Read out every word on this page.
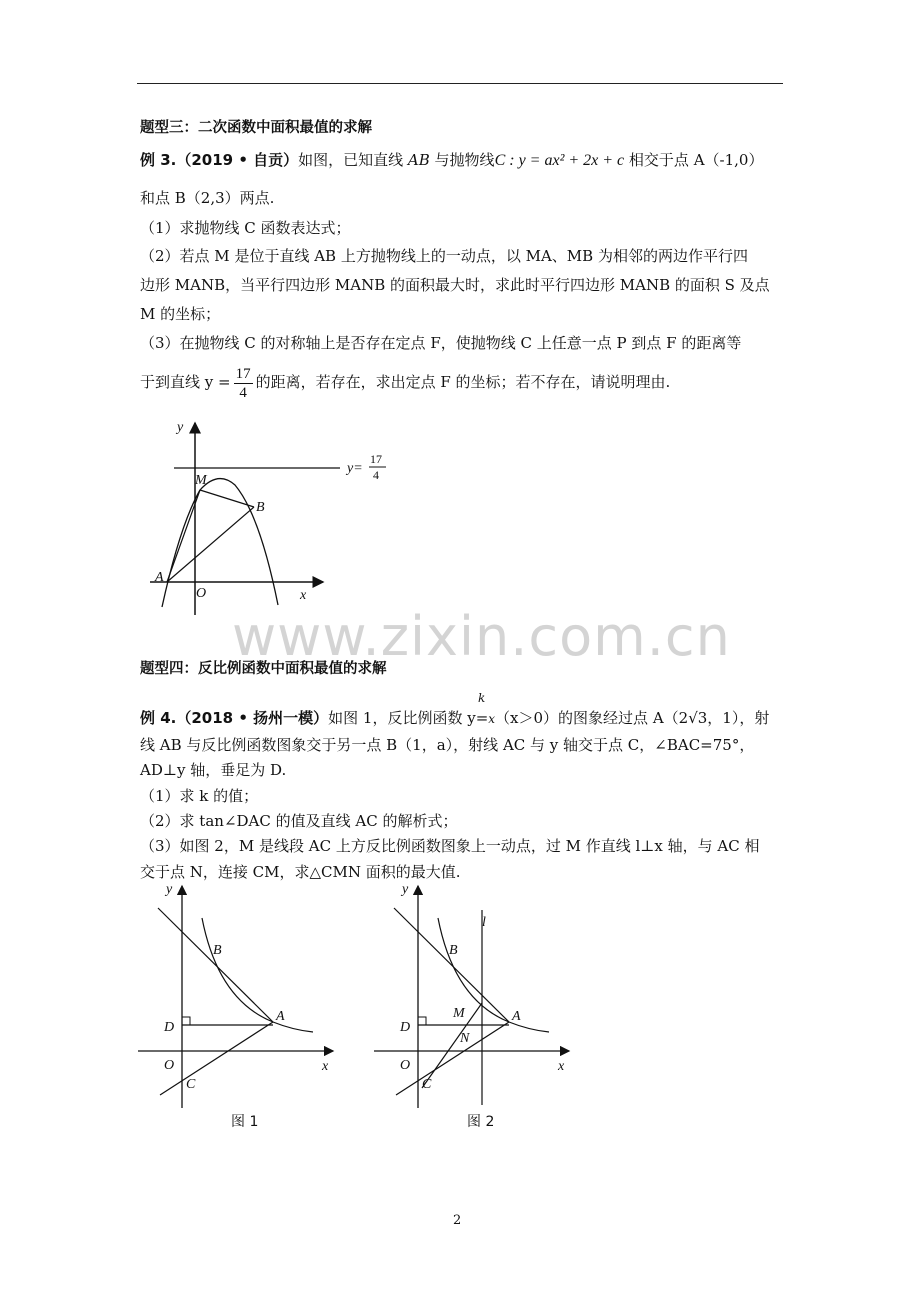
题型三：二次函数中面积最值的求解
例 3.（2019 • 自贡）如图，已知直线 AB 与抛物线C : y = ax² + 2x + c 相交于点 A（-1,0）
和点 B（2,3）两点.
（1）求抛物线 C 函数表达式；
（2）若点 M 是位于直线 AB 上方抛物线上的一动点，以 MA、MB 为相邻的两边作平行四
边形 MANB，当平行四边形 MANB 的面积最大时，求此时平行四边形 MANB 的面积 S 及点
M 的坐标；
（3）在抛物线 C 的对称轴上是否存在定点 F，使抛物线 C 上任意一点 P 到点 F 的距离等
于到直线 $y = \frac{17}{4}$ 的距离，若存在，求出定点 F 的坐标；若不存在，请说明理由.
y
x
O
A
B
M
y=
17
4
www.zixin.com.cn
题型四：反比例函数中面积最值的求解
k
例 4.（2018 • 扬州一模）如图 1，反比例函数 y=x（x＞0）的图象经过点 A（2√3，1），射
线 AB 与反比例函数图象交于另一点 B（1，a），射线 AC 与 y 轴交于点 C，∠BAC=75°，
AD⊥y 轴，垂足为 D.
（1）求 k 的值；
（2）求 tan∠DAC 的值及直线 AC 的解析式；
（3）如图 2，M 是线段 AC 上方反比例函数图象上一动点，过 M 作直线 l⊥x 轴，与 AC 相
交于点 N，连接 CM，求△CMN 面积的最大值.
y
x
O
D
A
B
C
图 1
y
x
O
D
A
B
C
M
N
l
图 2
2
